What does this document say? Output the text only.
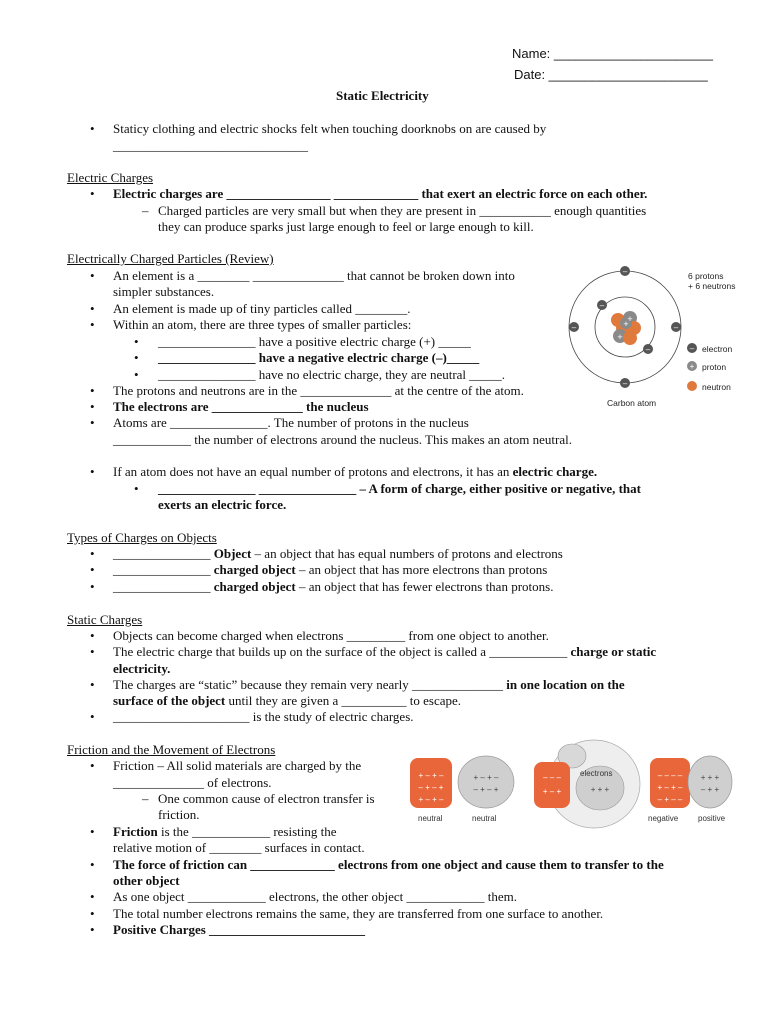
Name: ______________________
Date: ______________________
Static Electricity
• Staticy clothing and electric shocks felt when touching doorknobs on are caused by
______________________________
Electric Charges
• Electric charges are ________________ _____________ that exert an electric force on each other.
– Charged particles are very small but when they are present in ___________ enough quantities
they can produce sparks just large enough to feel or large enough to kill.
Electrically Charged Particles (Review)
• An element is a ________ ______________ that cannot be broken down into
simpler substances.
• An element is made up of tiny particles called ________.
• Within an atom, there are three types of smaller particles:
• _______________ have a positive electric charge (+) _____
• _______________ have a negative electric charge (–)_____
• _______________ have no electric charge, they are neutral _____.
• The protons and neutrons are in the ______________ at the centre of the atom.
• The electrons are ______________ the nucleus
• Atoms are _______________. The number of protons in the nucleus
____________ the number of electrons around the nucleus. This makes an atom neutral.
• If an atom does not have an equal number of protons and electrons, it has an electric charge.
• _______________ _______________ – A form of charge, either positive or negative, that
exerts an electric force.
+
+
+
–
–	–
–
–
–
6 protons
+ 6 neutrons
– electron
+ proton
neutron
Carbon atom
Types of Charges on Objects
• _______________ Object – an object that has equal numbers of protons and electrons
• _______________ charged object – an object that has more electrons than protons
• _______________ charged object – an object that has fewer electrons than protons.
Static Charges
• Objects can become charged when electrons _________ from one object to another.
• The electric charge that builds up on the surface of the object is called a ____________ charge or static
electricity.
• The charges are “static” because they remain very nearly ______________ in one location on the
surface of the object until they are given a __________ to escape.
• _____________________ is the study of electric charges.
Friction and the Movement of Electrons
• Friction – All solid materials are charged by the
______________ of electrons.
– One common cause of electron transfer is
friction.
• Friction is the ____________ resisting the
relative motion of ________ surfaces in contact.
• The force of friction can _____________ electrons from one object and cause them to transfer to the
other object
• As one object ____________ electrons, the other object ____________ them.
• The total number electrons remains the same, they are transferred from one surface to another.
• Positive Charges ________________________
+ – + –
– + – +
+ – + –
+ – + –
– + – +
neutral	neutral
– – –
+ – +	+ + +
electrons	– – – –
+ – + –
– + – –
+ + +
– + +
negative positive
